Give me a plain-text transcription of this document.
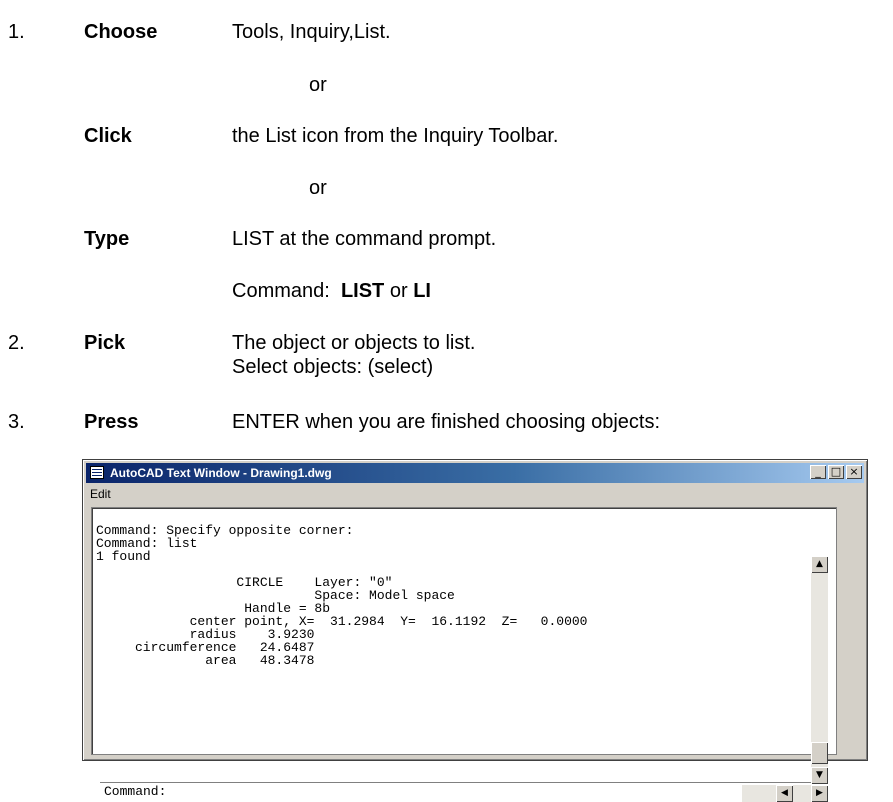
1.	Choose	Tools, Inquiry,List.
or
Click	the List icon from the Inquiry Toolbar.
or
Type	LIST at the command prompt.
Command: LIST or LI
2.	Pick	The object or objects to list.
Select objects: (select)
3.	Press	ENTER when you are finished choosing objects:
AutoCAD Text Window - Drawing1.dwg	_ □ ×
Edit
Command: Specify opposite corner:
Command: list
1 found

CIRCLE    Layer: "0"
Space: Model space
Handle = 8b
center point, X=  31.2984  Y=  16.1192  Z=   0.0000
radius    3.9230
circumference   24.6487
area   48.3478

Command:
▲
▼
◀	▶
